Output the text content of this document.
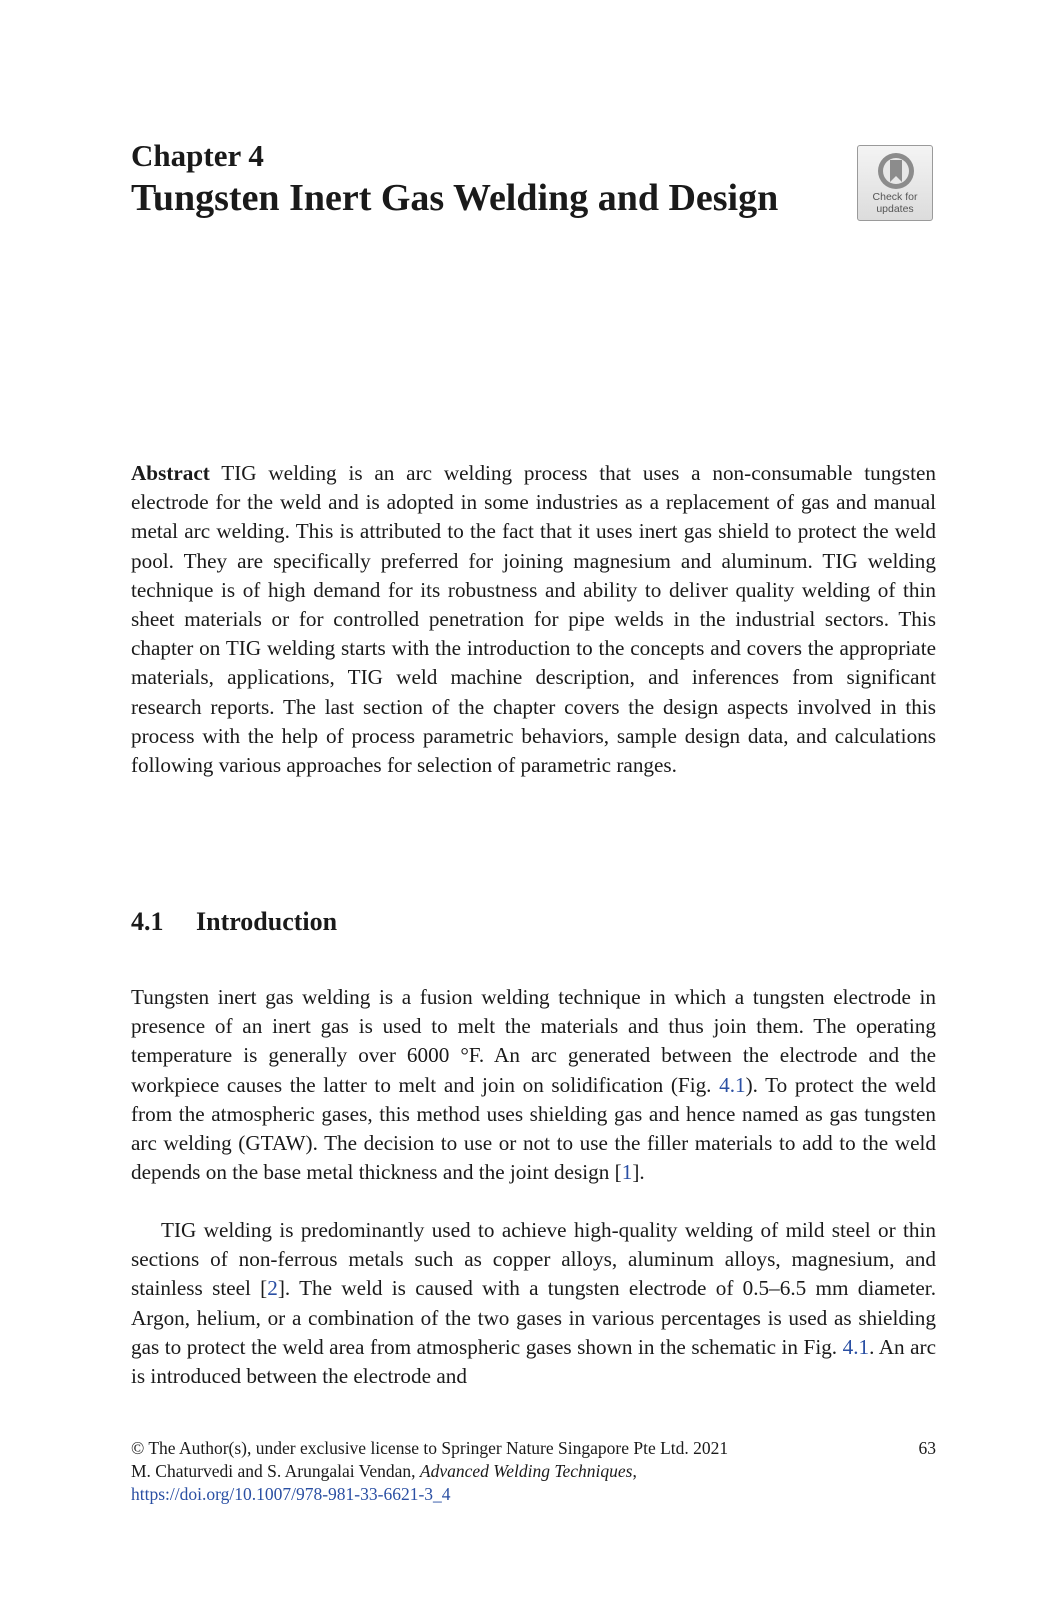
Chapter 4
Tungsten Inert Gas Welding and Design	Check for
updates
Abstract TIG welding is an arc welding process that uses a non-consumable tungsten electrode for the weld and is adopted in some industries as a replacement of gas and manual metal arc welding. This is attributed to the fact that it uses inert gas shield to protect the weld pool. They are specifically preferred for joining magnesium and aluminum. TIG welding technique is of high demand for its robustness and ability to deliver quality welding of thin sheet materials or for controlled penetration for pipe welds in the industrial sectors. This chapter on TIG welding starts with the introduction to the concepts and covers the appropriate materials, applications, TIG weld machine description, and inferences from significant research reports. The last section of the chapter covers the design aspects involved in this process with the help of process parametric behaviors, sample design data, and calculations following various approaches for selection of parametric ranges.
4.1 Introduction
Tungsten inert gas welding is a fusion welding technique in which a tungsten electrode in presence of an inert gas is used to melt the materials and thus join them. The operating temperature is generally over 6000 °F. An arc generated between the electrode and the workpiece causes the latter to melt and join on solidification (Fig. 4.1). To protect the weld from the atmospheric gases, this method uses shielding gas and hence named as gas tungsten arc welding (GTAW). The decision to use or not to use the filler materials to add to the weld depends on the base metal thickness and the joint design [1].
TIG welding is predominantly used to achieve high-quality welding of mild steel or thin sections of non-ferrous metals such as copper alloys, aluminum alloys, magnesium, and stainless steel [2]. The weld is caused with a tungsten electrode of 0.5–6.5 mm diameter. Argon, helium, or a combination of the two gases in various percentages is used as shielding gas to protect the weld area from atmospheric gases shown in the schematic in Fig. 4.1. An arc is introduced between the electrode and
© The Author(s), under exclusive license to Springer Nature Singapore Pte Ltd. 2021	63
M. Chaturvedi and S. Arungalai Vendan, Advanced Welding Techniques,
https://doi.org/10.1007/978-981-33-6621-3_4
